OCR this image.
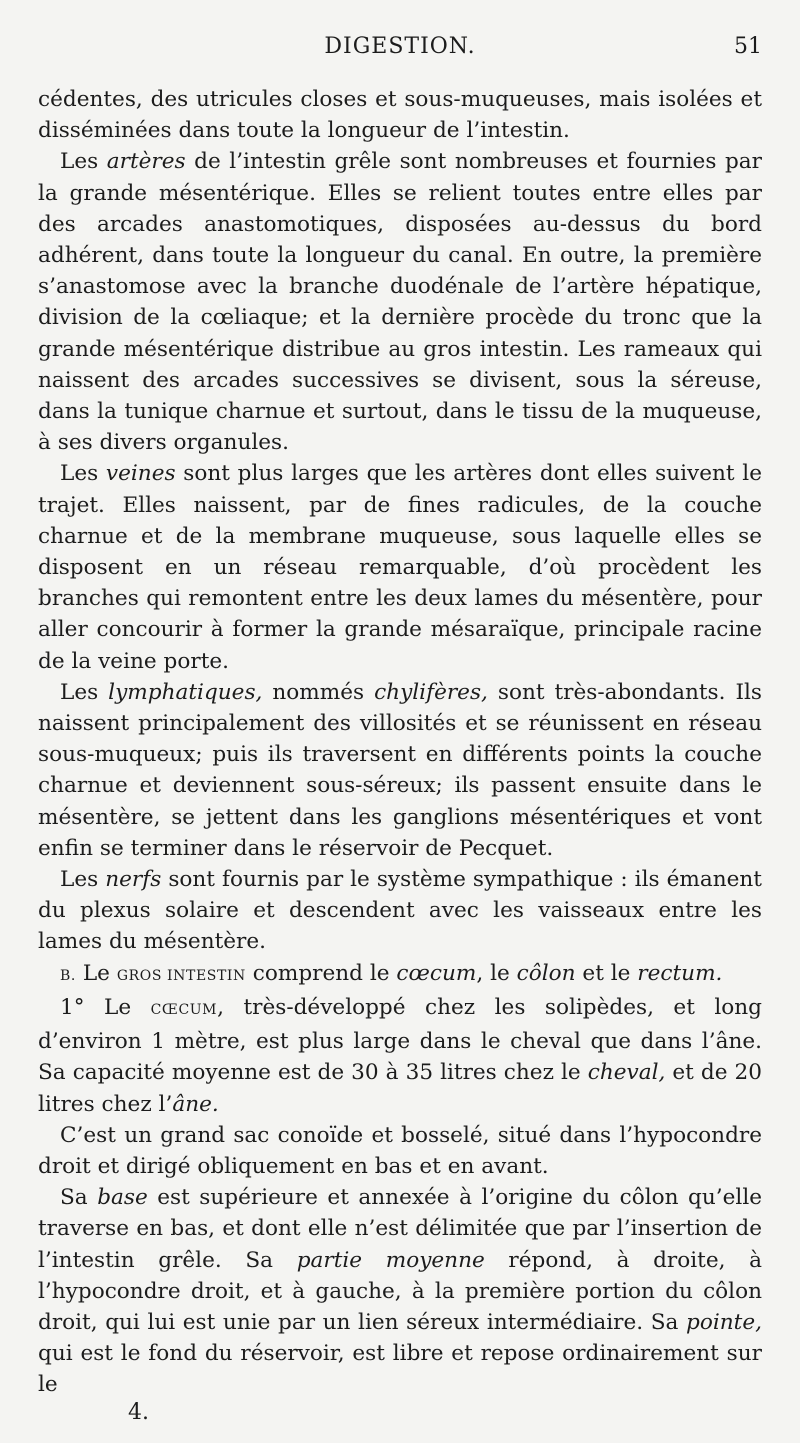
DIGESTION.	51

cédentes, des utricules closes et sous-muqueuses, mais isolées et disséminées dans toute la longueur de l’intestin.

Les artères de l’intestin grêle sont nombreuses et fournies par la grande mésentérique. Elles se relient toutes entre elles par des arcades anastomotiques, disposées au-dessus du bord adhérent, dans toute la longueur du canal. En outre, la première s’anastomose avec la branche duodénale de l’artère hépatique, division de la cœliaque; et la dernière procède du tronc que la grande mésentérique distribue au gros intestin. Les rameaux qui naissent des arcades successives se divisent, sous la séreuse, dans la tunique charnue et surtout, dans le tissu de la muqueuse, à ses divers organules.

Les veines sont plus larges que les artères dont elles suivent le trajet. Elles naissent, par de fines radicules, de la couche charnue et de la membrane muqueuse, sous laquelle elles se disposent en un réseau remarquable, d’où procèdent les branches qui remontent entre les deux lames du mésentère, pour aller concourir à former la grande mésaraïque, principale racine de la veine porte.

Les lymphatiques, nommés chylifères, sont très-abondants. Ils naissent principalement des villosités et se réunissent en réseau sous-muqueux; puis ils traversent en différents points la couche charnue et deviennent sous-séreux; ils passent ensuite dans le mésentère, se jettent dans les ganglions mésentériques et vont enfin se terminer dans le réservoir de Pecquet.

Les nerfs sont fournis par le système sympathique : ils émanent du plexus solaire et descendent avec les vaisseaux entre les lames du mésentère.

B. Le GROS INTESTIN comprend le cœcum, le côlon et le rectum.

1° Le CŒCUM, très-développé chez les solipèdes, et long d’environ 1 mètre, est plus large dans le cheval que dans l’âne. Sa capacité moyenne est de 30 à 35 litres chez le cheval, et de 20 litres chez l’âne.

C’est un grand sac conoïde et bosselé, situé dans l’hypocondre droit et dirigé obliquement en bas et en avant.

Sa base est supérieure et annexée à l’origine du côlon qu’elle traverse en bas, et dont elle n’est délimitée que par l’insertion de l’intestin grêle. Sa partie moyenne répond, à droite, à l’hypocondre droit, et à gauche, à la première portion du côlon droit, qui lui est unie par un lien séreux intermédiaire. Sa pointe, qui est le fond du réservoir, est libre et repose ordinairement sur le

4.
